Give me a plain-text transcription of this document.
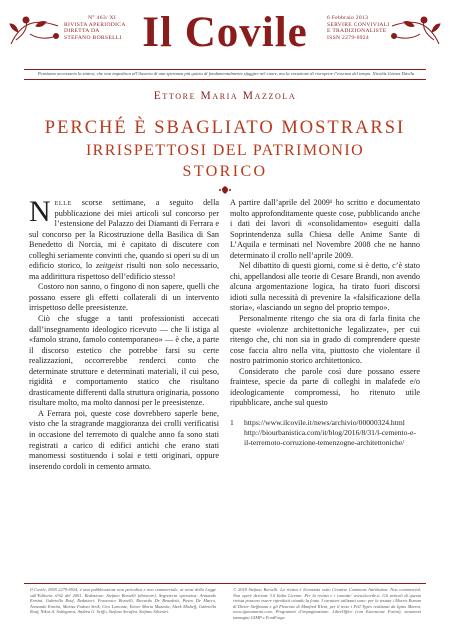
N° 463/ XI
RIVISTA APERIODICA
DIRETTA DA
STEFANO BORSELLI Il Covile	6 Febbraio 2013
SERVIRE CONVIVIALI
E TRADIZIONALISTE
ISSN 2279-6924
Pensiamo necessaria la sintesi, che non impedisca all’ilusoria di una speranza più quieta di fondamentalmente sfuggire nel cuore, ma la vocazione di riscoprire l’essenza del tempo. Nicolás Gómez Dávila
Ettore Maria Mazzola
PERCHÉ È SBAGLIATO MOSTRARSI
IRRISPETTOSI DEL PATRIMONIO
STORICO

Nelle scorse settimane, a seguito della pubblicazione dei miei articoli sul concorso per l’estensione del Palazzo dei Diamanti di Ferrara e sul concorso per la Ricostruzione della Basilica di San Benedetto di Norcia, mi è capitato di discutere con colleghi seriamente convinti che, quando si operi su di un edificio storico, lo zeitgeist risulti non solo necessario, ma addirittura rispettoso dell’edificio stesso!

Costoro non sanno, o fingono di non sapere, quelli che possano essere gli effetti collaterali di un intervento irrispettoso delle preesistenze.

Ciò che sfugge a tanti professionisti accecati dall’insegnamento ideologico ricevuto — che li istiga al «famolo strano, famolo contemporaneo» — è che, a parte il discorso estetico che potrebbe farsi su certe realizzazioni, occorrerebbe renderci conto che determinate strutture e determinati materiali, il cui peso, rigidità e comportamento statico che risultano drasticamente differenti dalla struttura originaria, possono risultare molto, ma molto dannosi per le preesistenze.

A Ferrara poi, queste cose dovrebbero saperle bene, visto che la stragrande maggioranza dei crolli verificatisi in occasione del terremoto di qualche anno fa sono stati registrati a carico di edifici antichi che erano stati manomessi sostituendo i solai e tetti originari, oppure inserendo cordoli in cemento armato.

A partire dall’aprile del 2009¹ ho scritto e documentato molto approfonditamente queste cose, pubblicando anche i dati dei lavori di «consolidamento» eseguiti dalla Soprintendenza sulla Chiesa delle Anime Sante di L’Aquila e terminati nel Novembre 2008 che ne hanno determinato il crollo nell’aprile 2009.

Nel dibattito di questi giorni, come si è detto, c’è stato chi, appellandosi alle teorie di Cesare Brandi, non avendo alcuna argomentazione logica, ha tirato fuori discorsi idioti sulla necessità di prevenire la «falsificazione della storia», «lasciando un segno del proprio tempo».

Personalmente ritengo che sia ora di farla finita che queste «violenze architettoniche legalizzate», per cui ritengo che, chi non sia in grado di comprendere queste cose faccia altro nella vita, piuttosto che violentare il nostro patrimonio storico architettonico.

Considerato che parole così dure possano essere fraintese, specie da parte di colleghi in malafede e/o ideologicamente compromessi, ho ritenuto utile ripubblicare, anche sul questo

1 https://www.ilcovile.it/news/archivio/00000324.html http://biourbanistica.com/it/blog/2016/8/31/l-cemento-e-il-terremoto-corruzione-temenzogne-architettoniche/

Il Covile, ISSN 2279-6924, è una pubblicazione non periodica e non commerciale, ai sensi della Legge sull’Editoria n°62 del 2001. Redazione: Stefano Borselli (direttore). Segreteria operativa: Armando Ermini, Gabriella Rouf, Redattori: Francesco Borselli, Riccardo De Benedetti, Pietro De Marco, Armando Ermini, Marisa Fadoni Strik, Ciro Lomonte, Ettore Maria Mazzola, Alzek Misheff, Gabriella Rouf, Nikos A. Salíngaros, Andrea G. Sciffo, Stefano Serafini, Stefano Silvestri.
© 2018 Stefano Borselli. La rivista è licenziata sotto Creative Commons Attribution. Non commercial. Non opere derivate 3.0 Italia License. Per la rivista e i contatti: www.ilcovile.it. Gli articoli di questa rivista possono essere riprodotti citando la fonte. I caratteri utilizzati sono: per la testata i Morris Roman di Dieter Steffmann e gli Fleurons di Manfred Klein, per il testo i Fell Types realizzati da Igino Marini, www.iginomarini.com. Programmi d’impaginazione: LibreOffice (con Estensione Farini), strumenti immagini GIMP e FontForge.
